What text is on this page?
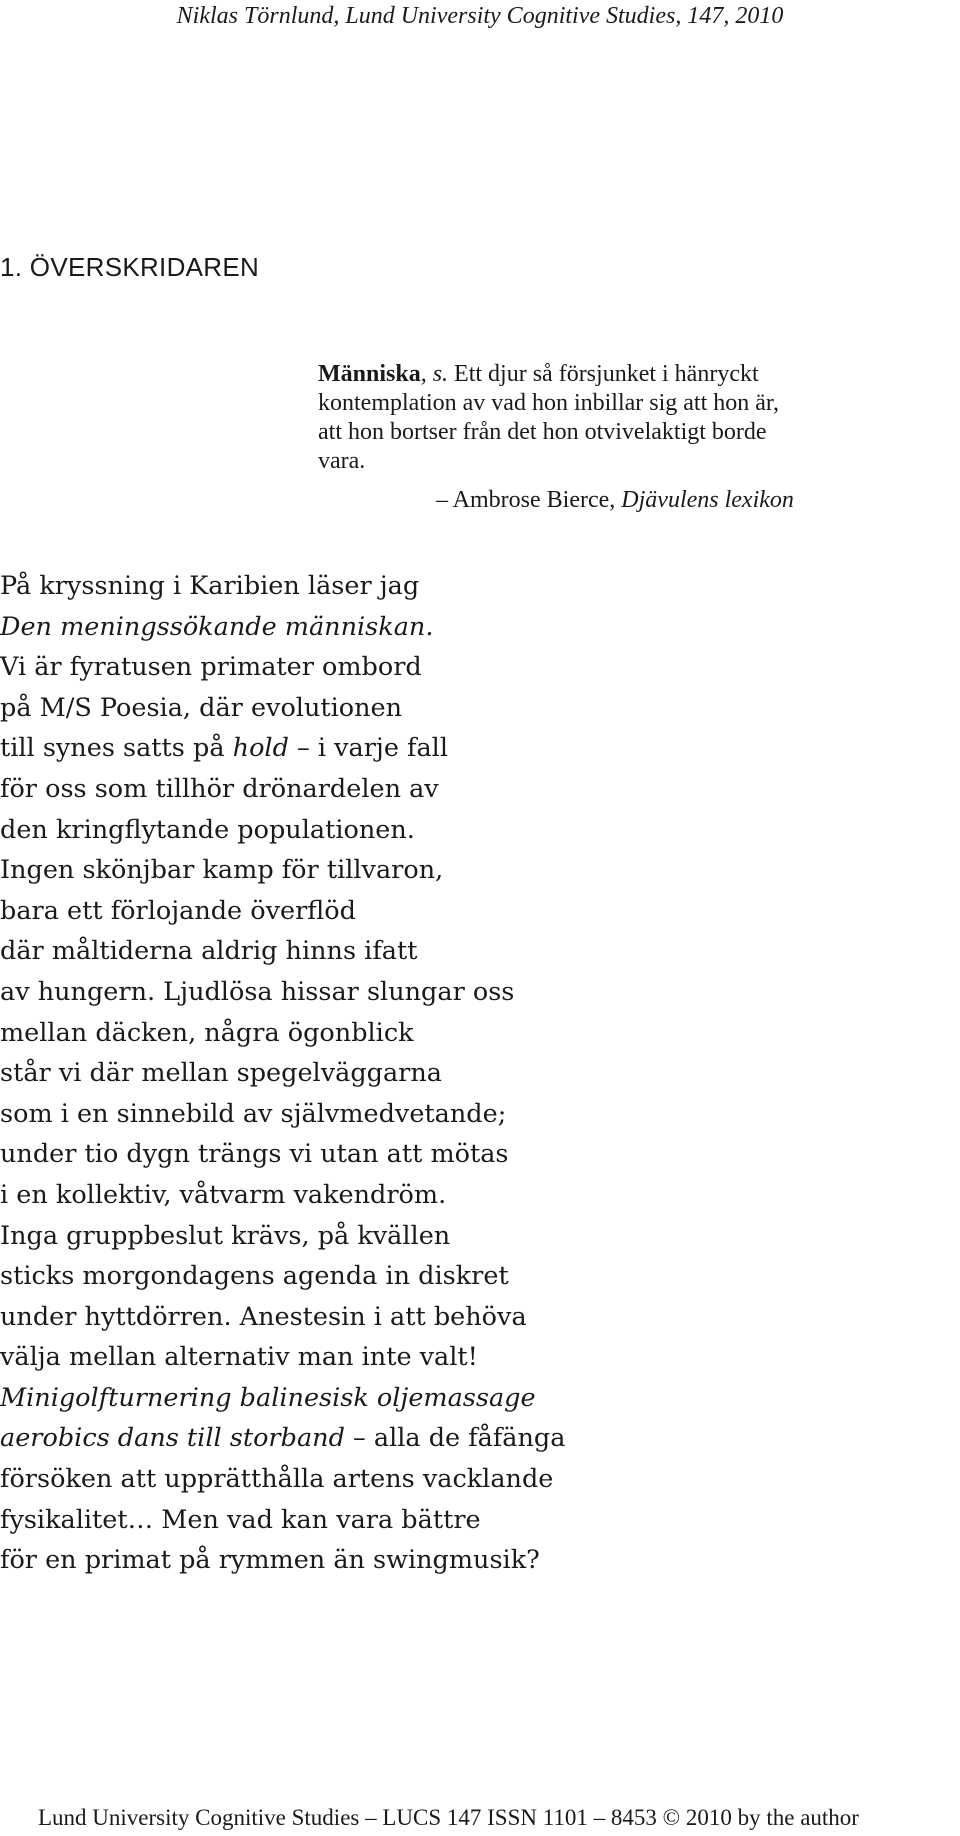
Niklas Törnlund, Lund University Cognitive Studies, 147, 2010
1. ÖVERSKRIDAREN
Människa, s. Ett djur så försjunket i hänryckt
kontemplation av vad hon inbillar sig att hon är,
att hon bortser från det hon otvivelaktigt borde
vara.
– Ambrose Bierce, Djävulens lexikon
På kryssning i Karibien läser jag
Den meningssökande människan.
Vi är fyratusen primater ombord
på M/S Poesia, där evolutionen
till synes satts på hold – i varje fall
för oss som tillhör drönardelen av
den kringflytande populationen.
Ingen skönjbar kamp för tillvaron,
bara ett förlojande överflöd
där måltiderna aldrig hinns ifatt
av hungern. Ljudlösa hissar slungar oss
mellan däcken, några ögonblick
står vi där mellan spegelväggarna
som i en sinnebild av självmedvetande;
under tio dygn trängs vi utan att mötas
i en kollektiv, våtvarm vakendröm.
Inga gruppbeslut krävs, på kvällen
sticks morgondagens agenda in diskret
under hyttdörren. Anestesin i att behöva
välja mellan alternativ man inte valt!
Minigolfturnering balinesisk oljemassage
aerobics dans till storband – alla de fåfänga
försöken att upprätthålla artens vacklande
fysikalitet… Men vad kan vara bättre
för en primat på rymmen än swingmusik?
Lund University Cognitive Studies – LUCS 147 ISSN 1101 – 8453 © 2010 by the author
